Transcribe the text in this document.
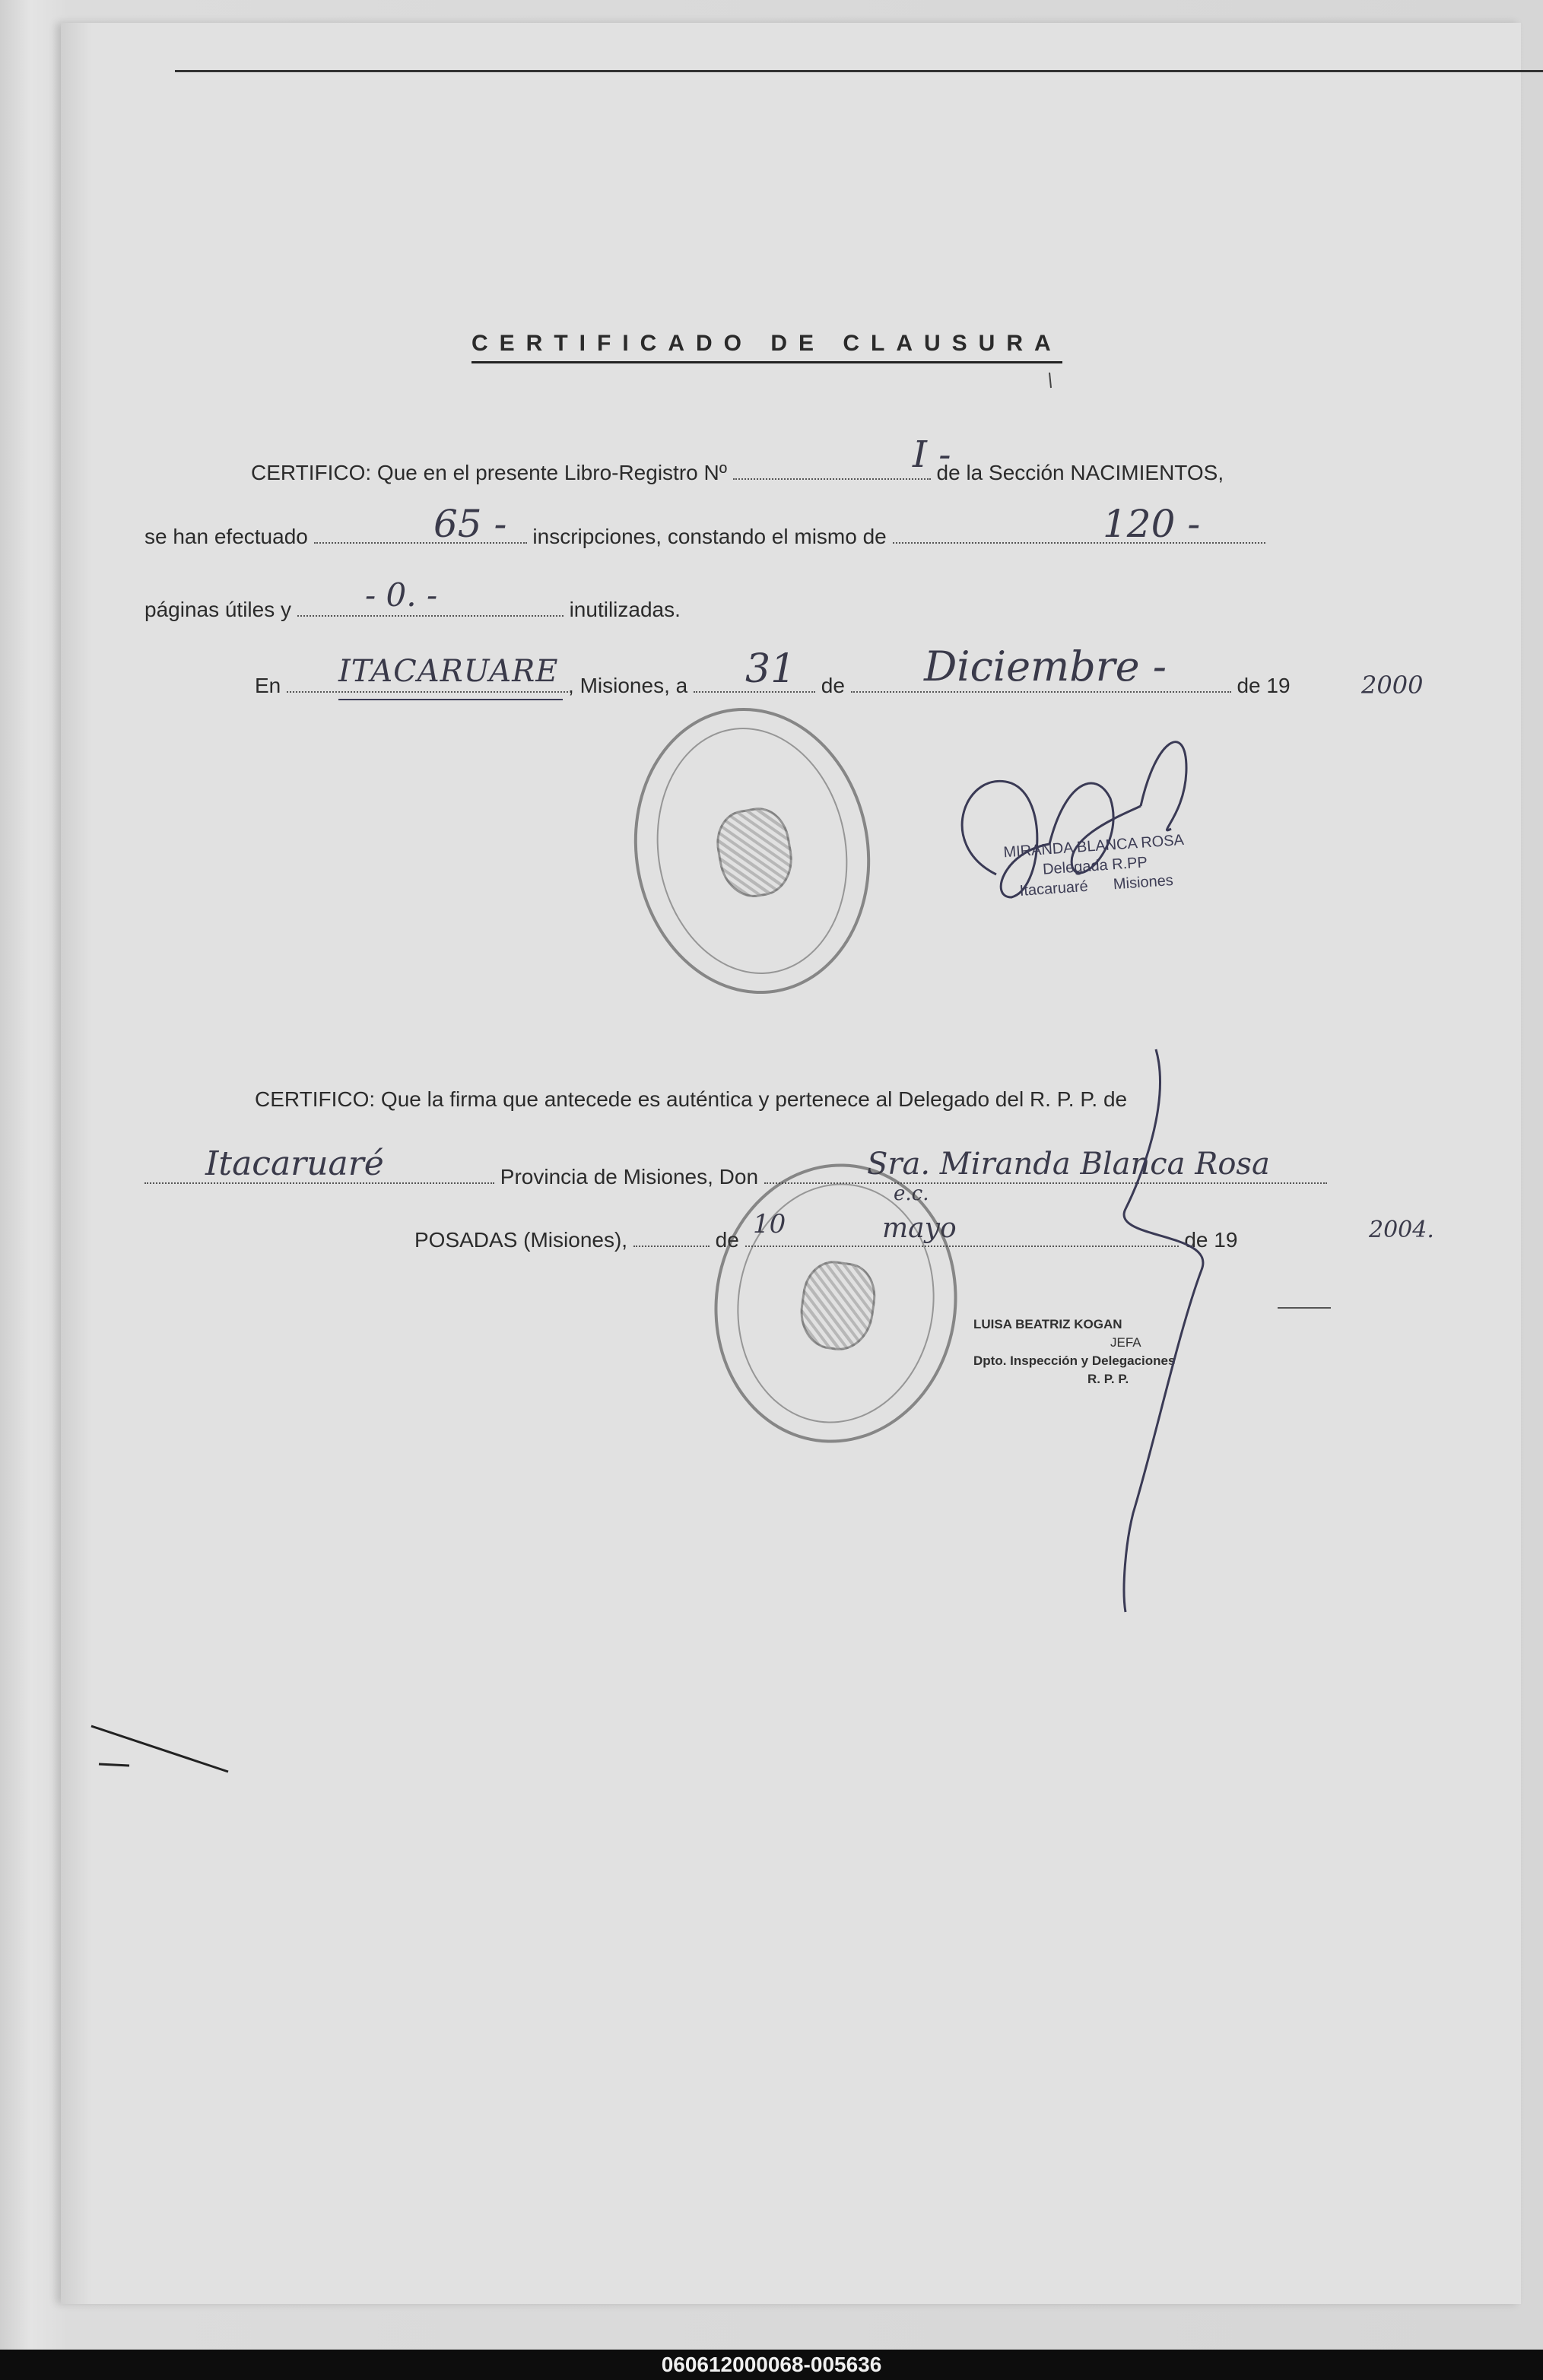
CERTIFICADO DE CLAUSURA
CERTIFICO: Que en el presente Libro-Registro Nº	de la Sección NACIMIENTOS,
I -
se han efectuado	inscripciones, constando el mismo de
65 -	120 -
páginas útiles y	inutilizadas.
- 0. -
En	, Misiones, a	de	de 19
ITACARUARE	31	Diciembre -	2000
MIRANDA BLANCA ROSA
Delegada R.PP
Itacaruaré Misiones
CERTIFICO: Que la firma que antecede es auténtica y pertenece al Delegado del R. P. P. de
Provincia de Misiones, Don
Itacaruaré	Sra. Miranda Blanca Rosa
e.c.
POSADAS (Misiones),	de	de 19
10	mayo	2004.
LUISA BEATRIZ KOGAN
JEFA
Dpto. Inspección y Delegaciones
R. P. P.
060612000068-005636
